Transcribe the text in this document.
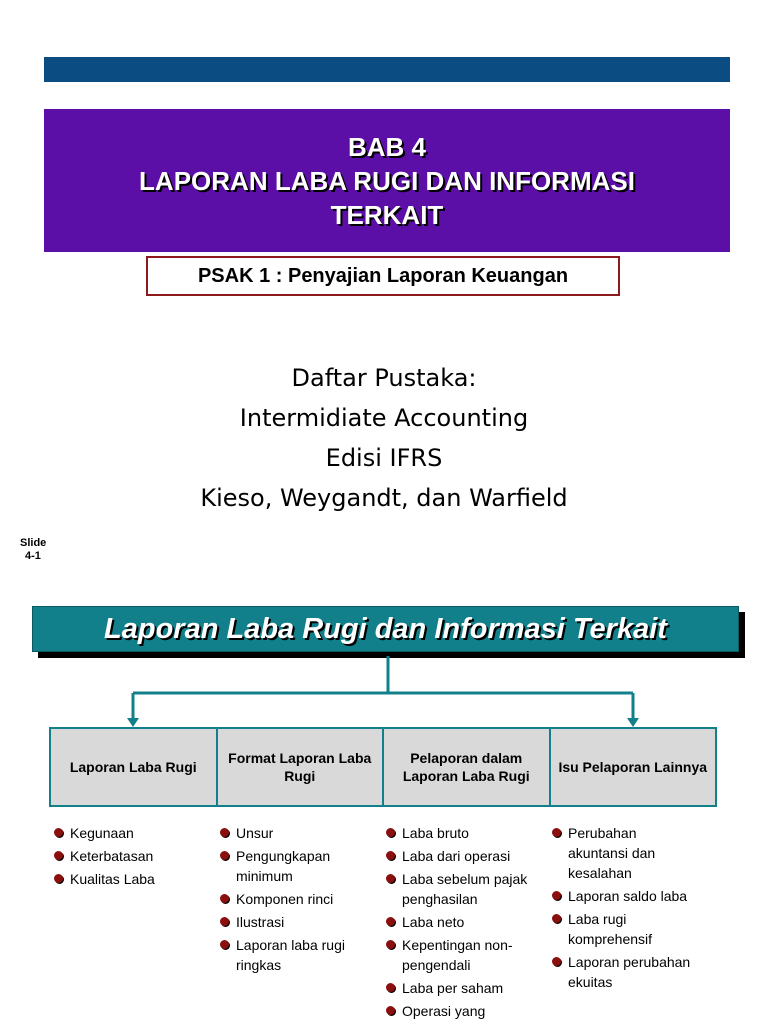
BAB 4
LAPORAN LABA RUGI DAN INFORMASI
TERKAIT
PSAK 1 : Penyajian Laporan Keuangan
Daftar Pustaka:
Intermidiate Accounting
Edisi IFRS
Kieso, Weygandt, dan Warfield
Slide
4-1
Laporan Laba Rugi dan Informasi Terkait
Laporan Laba Rugi
Format Laporan Laba Rugi
Pelaporan dalam Laporan Laba Rugi
Isu Pelaporan Lainnya
Kegunaan
Keterbatasan
Kualitas Laba
Unsur
Pengungkapan minimum
Komponen rinci
Ilustrasi
Laporan laba rugi ringkas
Laba bruto
Laba dari operasi
Laba sebelum pajak penghasilan
Laba neto
Kepentingan non-pengendali
Laba per saham
Operasi yang
Perubahan akuntansi dan kesalahan
Laporan saldo laba
Laba rugi komprehensif
Laporan perubahan ekuitas
